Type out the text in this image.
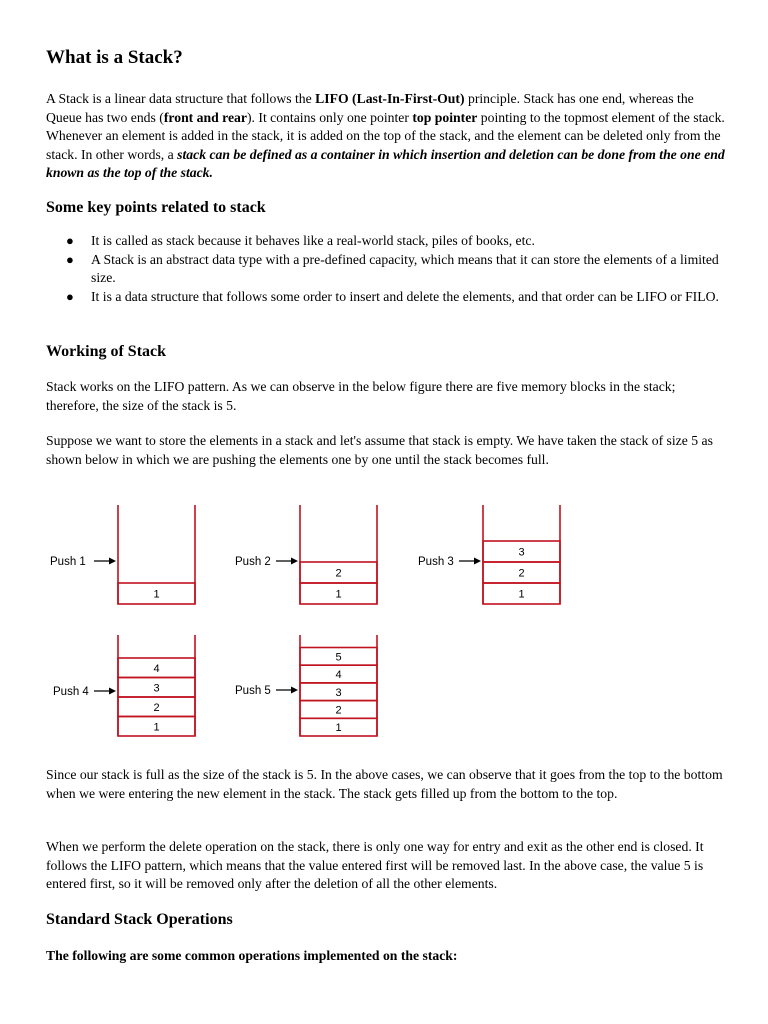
What is a Stack?

A Stack is a linear data structure that follows the LIFO (Last-In-First-Out) principle. Stack has one end, whereas the Queue has two ends (front and rear). It contains only one pointer top pointer pointing to the topmost element of the stack. Whenever an element is added in the stack, it is added on the top of the stack, and the element can be deleted only from the stack. In other words, a stack can be defined as a container in which insertion and deletion can be done from the one end known as the top of the stack.

Some key points related to stack
● It is called as stack because it behaves like a real-world stack, piles of books, etc.
● A Stack is an abstract data type with a pre-defined capacity, which means that it can store the elements of a limited size.
● It is a data structure that follows some order to insert and delete the elements, and that order can be LIFO or FILO.
Working of Stack

Stack works on the LIFO pattern. As we can observe in the below figure there are five memory blocks in the stack; therefore, the size of the stack is 5.

Suppose we want to store the elements in a stack and let's assume that stack is empty. We have taken the stack of size 5 as shown below in which we are pushing the elements one by one until the stack becomes full.

Since our stack is full as the size of the stack is 5. In the above cases, we can observe that it goes from the top to the bottom when we were entering the new element in the stack. The stack gets filled up from the bottom to the top.

When we perform the delete operation on the stack, there is only one way for entry and exit as the other end is closed. It follows the LIFO pattern, which means that the value entered first will be removed last. In the above case, the value 5 is entered first, so it will be removed only after the deletion of all the other elements.

Standard Stack Operations

The following are some common operations implemented on the stack:

1
Push 1
1
2
Push 2
1
2
3
Push 3
1
2
3
4
Push 4
1
2
3
4
5
Push 5
